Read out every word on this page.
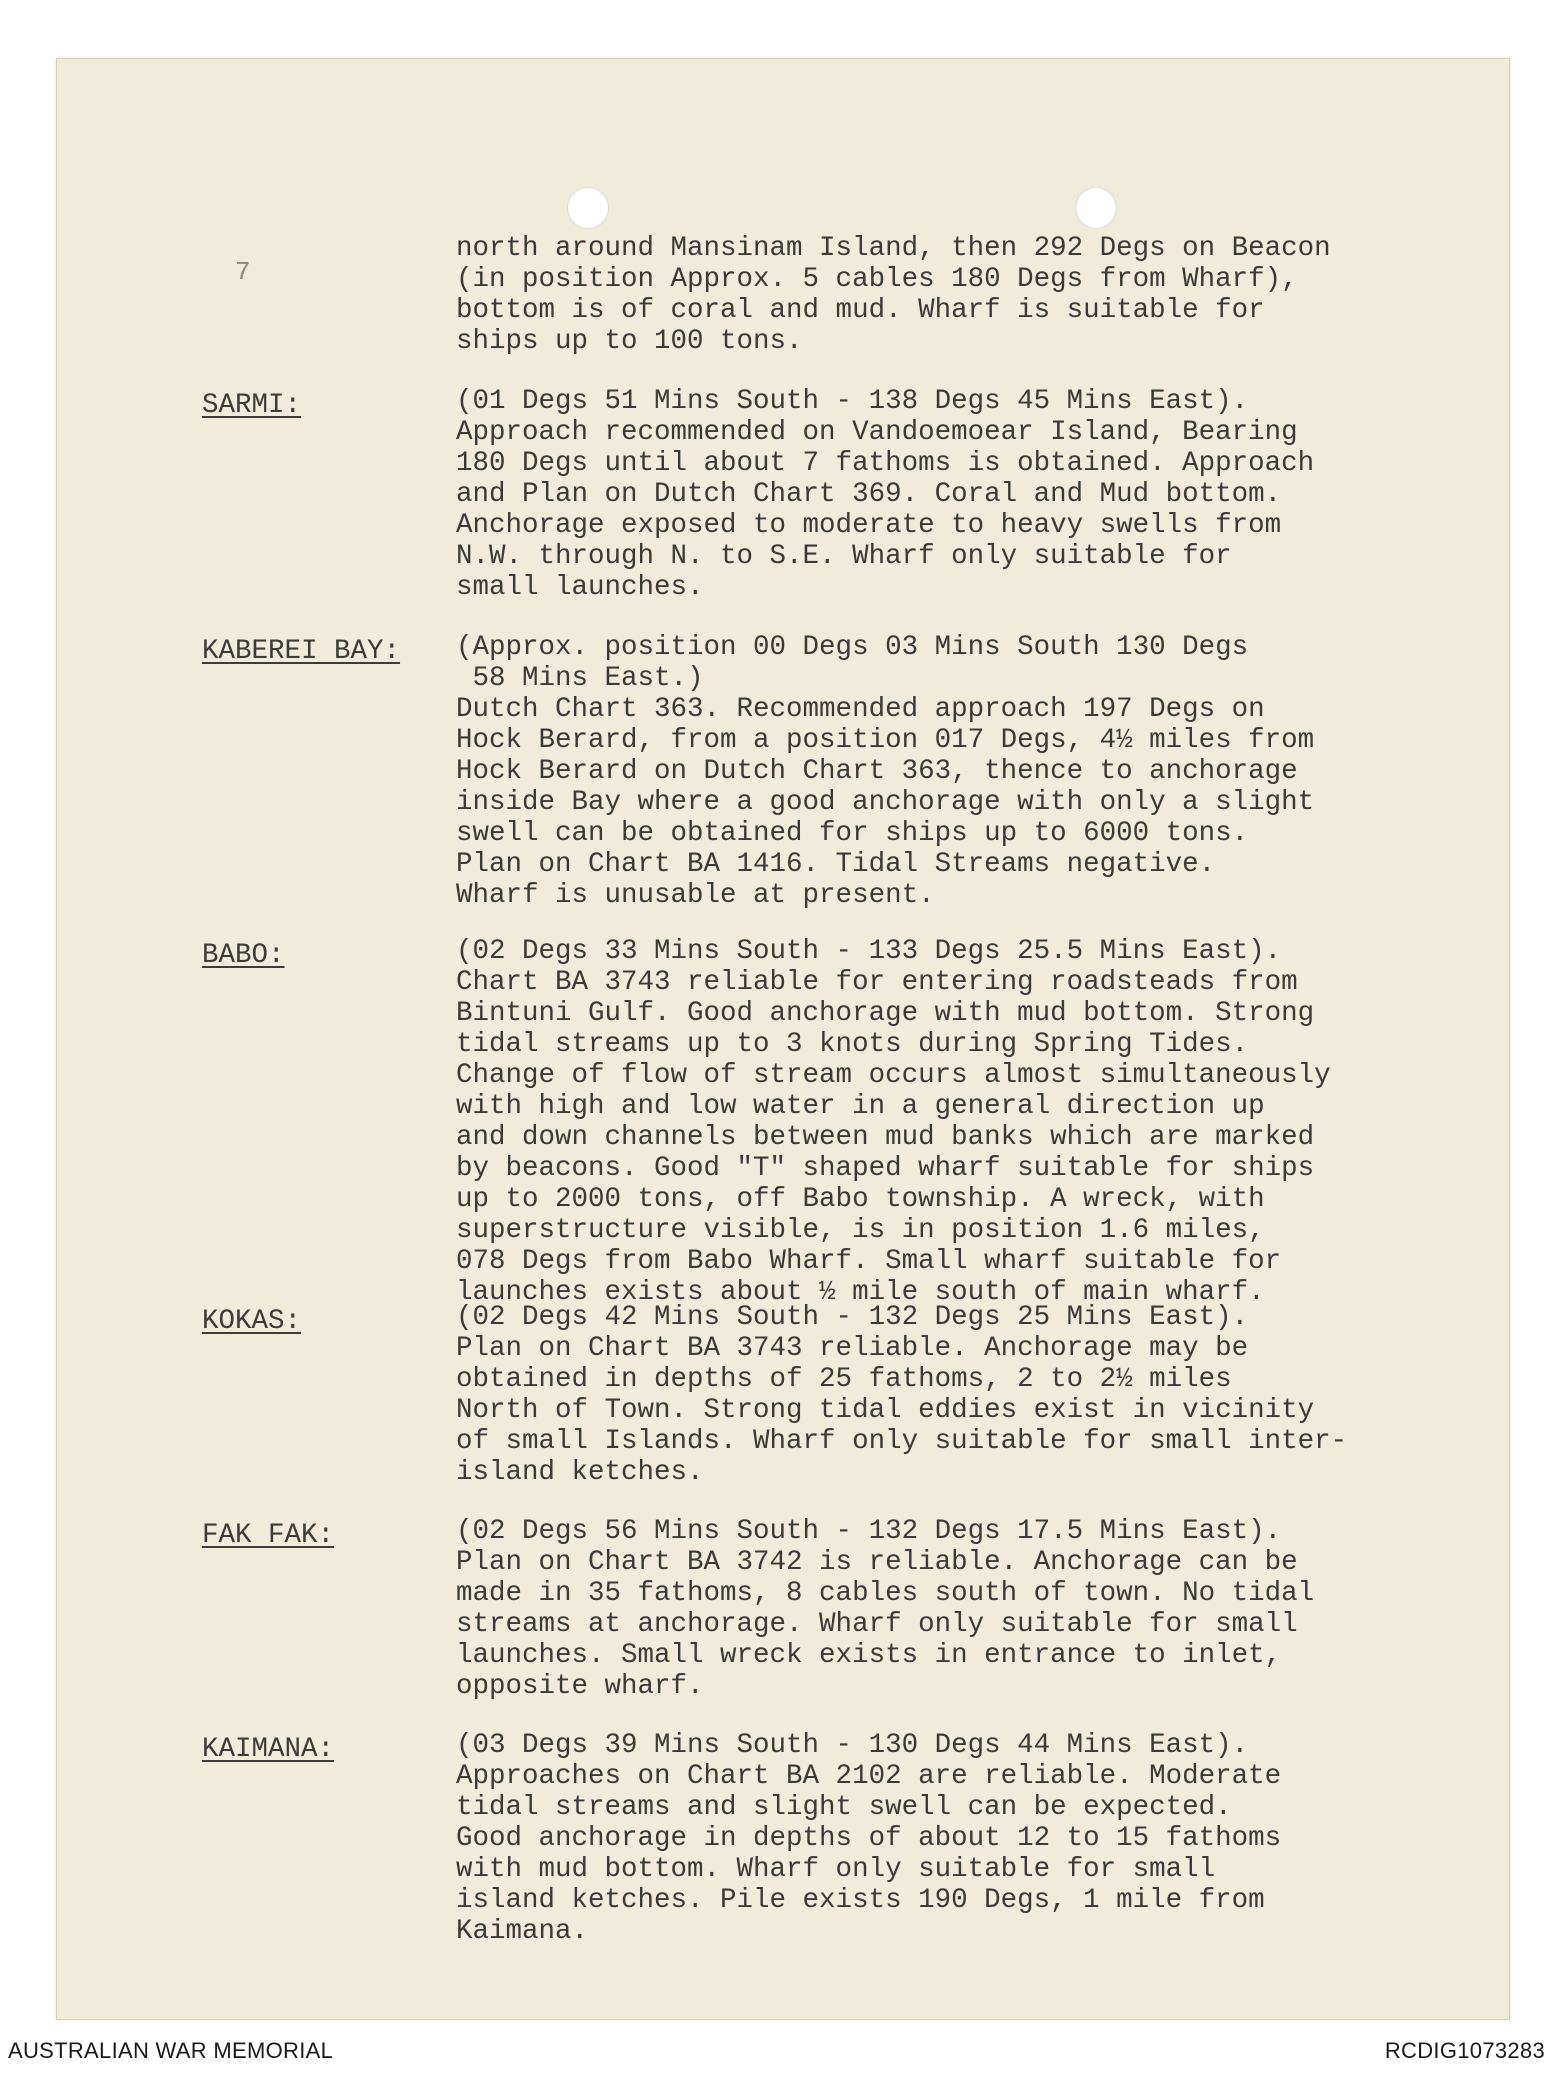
7
north around Mansinam Island, then 292 Degs on Beacon
(in position Approx. 5 cables 180 Degs from Wharf),
bottom is of coral and mud. Wharf is suitable for
ships up to 100 tons.
SARMI:	(01 Degs 51 Mins South - 138 Degs 45 Mins East).
Approach recommended on Vandoemoear Island, Bearing
180 Degs until about 7 fathoms is obtained. Approach
and Plan on Dutch Chart 369. Coral and Mud bottom.
Anchorage exposed to moderate to heavy swells from
N.W. through N. to S.E. Wharf only suitable for
small launches.
KABEREI BAY: (Approx. position 00 Degs 03 Mins South 130 Degs
58 Mins East.)
Dutch Chart 363. Recommended approach 197 Degs on
Hock Berard, from a position 017 Degs, 4½ miles from
Hock Berard on Dutch Chart 363, thence to anchorage
inside Bay where a good anchorage with only a slight
swell can be obtained for ships up to 6000 tons.
Plan on Chart BA 1416. Tidal Streams negative.
Wharf is unusable at present.
BABO:	(02 Degs 33 Mins South - 133 Degs 25.5 Mins East).
Chart BA 3743 reliable for entering roadsteads from
Bintuni Gulf. Good anchorage with mud bottom. Strong
tidal streams up to 3 knots during Spring Tides.
Change of flow of stream occurs almost simultaneously
with high and low water in a general direction up
and down channels between mud banks which are marked
by beacons. Good "T" shaped wharf suitable for ships
up to 2000 tons, off Babo township. A wreck, with
superstructure visible, is in position 1.6 miles,
078 Degs from Babo Wharf. Small wharf suitable for
launches exists about ½ mile south of main wharf.
KOKAS:	(02 Degs 42 Mins South - 132 Degs 25 Mins East).
Plan on Chart BA 3743 reliable. Anchorage may be
obtained in depths of 25 fathoms, 2 to 2½ miles
North of Town. Strong tidal eddies exist in vicinity
of small Islands. Wharf only suitable for small inter-
island ketches.
FAK FAK:	(02 Degs 56 Mins South - 132 Degs 17.5 Mins East).
Plan on Chart BA 3742 is reliable. Anchorage can be
made in 35 fathoms, 8 cables south of town. No tidal
streams at anchorage. Wharf only suitable for small
launches. Small wreck exists in entrance to inlet,
opposite wharf.
KAIMANA:	(03 Degs 39 Mins South - 130 Degs 44 Mins East).
Approaches on Chart BA 2102 are reliable. Moderate
tidal streams and slight swell can be expected.
Good anchorage in depths of about 12 to 15 fathoms
with mud bottom. Wharf only suitable for small
island ketches. Pile exists 190 Degs, 1 mile from
Kaimana.
AUSTRALIAN WAR MEMORIAL	RCDIG1073283
